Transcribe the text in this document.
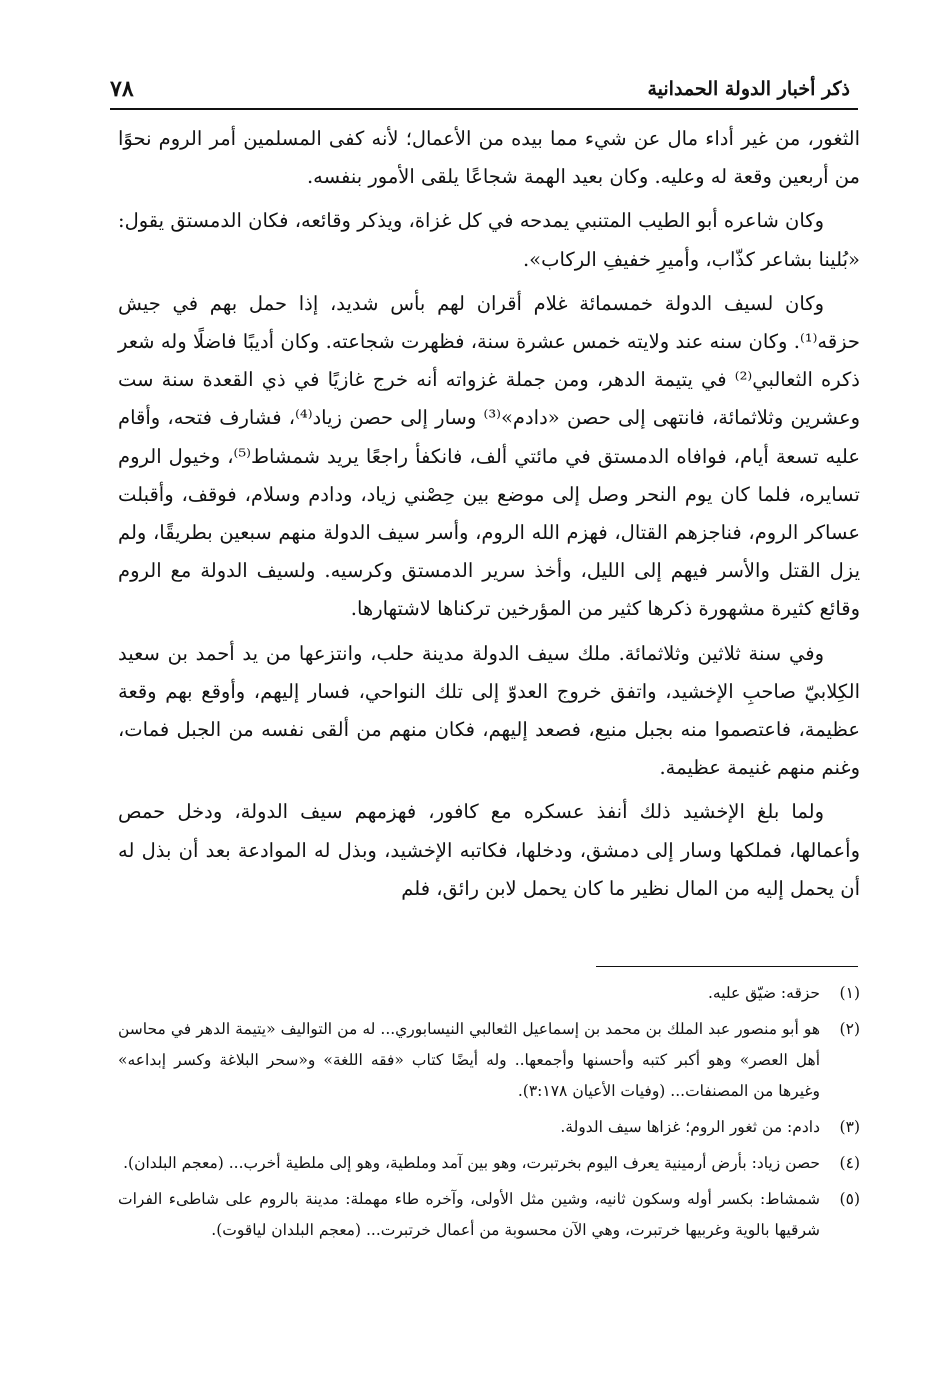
٧٨	ذكر أخبار الدولة الحمدانية

الثغور، من غير أداء مال عن شيء مما بيده من الأعمال؛ لأنه كفى المسلمين أمر الروم نحوًا من أربعين وقعة له وعليه. وكان بعيد الهمة شجاعًا يلقى الأمور بنفسه.

وكان شاعره أبو الطيب المتنبي يمدحه في كل غزاة، ويذكر وقائعه، فكان الدمستق يقول: «بُلينا بشاعر كذّاب، وأميرِ خفيفِ الركاب».

وكان لسيف الدولة خمسمائة غلام أقران لهم بأس شديد، إذا حمل بهم في جيش حزقه⁽¹⁾. وكان سنه عند ولايته خمس عشرة سنة، فظهرت شجاعته. وكان أديبًا فاضلًا وله شعر ذكره الثعالبي⁽²⁾ في يتيمة الدهر، ومن جملة غزواته أنه خرج غازيًا في ذي القعدة سنة ست وعشرين وثلاثمائة، فانتهى إلى حصن «دادم»⁽³⁾ وسار إلى حصن زياد⁽⁴⁾، فشارف فتحه، وأقام عليه تسعة أيام، فوافاه الدمستق في مائتي ألف، فانكفأ راجعًا يريد شمشاط⁽⁵⁾، وخيول الروم تسايره، فلما كان يوم النحر وصل إلى موضع بين حِصْني زياد، ودادم وسلام، فوقف، وأقبلت عساكر الروم، فناجزهم القتال، فهزم الله الروم، وأسر سيف الدولة منهم سبعين بطريقًا، ولم يزل القتل والأسر فيهم إلى الليل، وأخذ سرير الدمستق وكرسيه. ولسيف الدولة مع الروم وقائع كثيرة مشهورة ذكرها كثير من المؤرخين تركناها لاشتهارها.

وفي سنة ثلاثين وثلاثمائة. ملك سيف الدولة مدينة حلب، وانتزعها من يد أحمد بن سعيد الكِلابيّ صاحبِ الإخشيد، واتفق خروج العدوّ إلى تلك النواحي، فسار إليهم، وأوقع بهم وقعة عظيمة، فاعتصموا منه بجبل منيع، فصعد إليهم، فكان منهم من ألقى نفسه من الجبل فمات، وغنم منهم غنيمة عظيمة.

ولما بلغ الإخشيد ذلك أنفذ عسكره مع كافور، فهزمهم سيف الدولة، ودخل حمص وأعمالها، فملكها وسار إلى دمشق، ودخلها، فكاتبه الإخشيد، وبذل له الموادعة بعد أن بذل له أن يحمل إليه من المال نظير ما كان يحمل لابن رائق، فلم

(١)
حزقه: ضيّق عليه.
(٢)
هو أبو منصور عبد الملك بن محمد بن إسماعيل الثعالبي النيسابوري... له من التواليف «يتيمة الدهر في محاسن أهل العصر» وهو أكبر كتبه وأحسنها وأجمعها.. وله أيضًا كتاب «فقه اللغة» و«سحر البلاغة وكسر إبداعه» وغيرها من المصنفات... (وفيات الأعيان ٣:١٧٨).
(٣)
دادم: من ثغور الروم؛ غزاها سيف الدولة.
(٤)
حصن زياد: بأرض أرمينية يعرف اليوم بخرتبرت، وهو بين آمد وملطية، وهو إلى ملطية أخرب... (معجم البلدان).
(٥)
شمشاط: بكسر أوله وسكون ثانيه، وشين مثل الأولى، وآخره طاء مهملة: مدينة بالروم على شاطىء الفرات شرقيها بالوية وغربيها خرتبرت، وهي الآن محسوبة من أعمال خرتبرت... (معجم البلدان لياقوت).
